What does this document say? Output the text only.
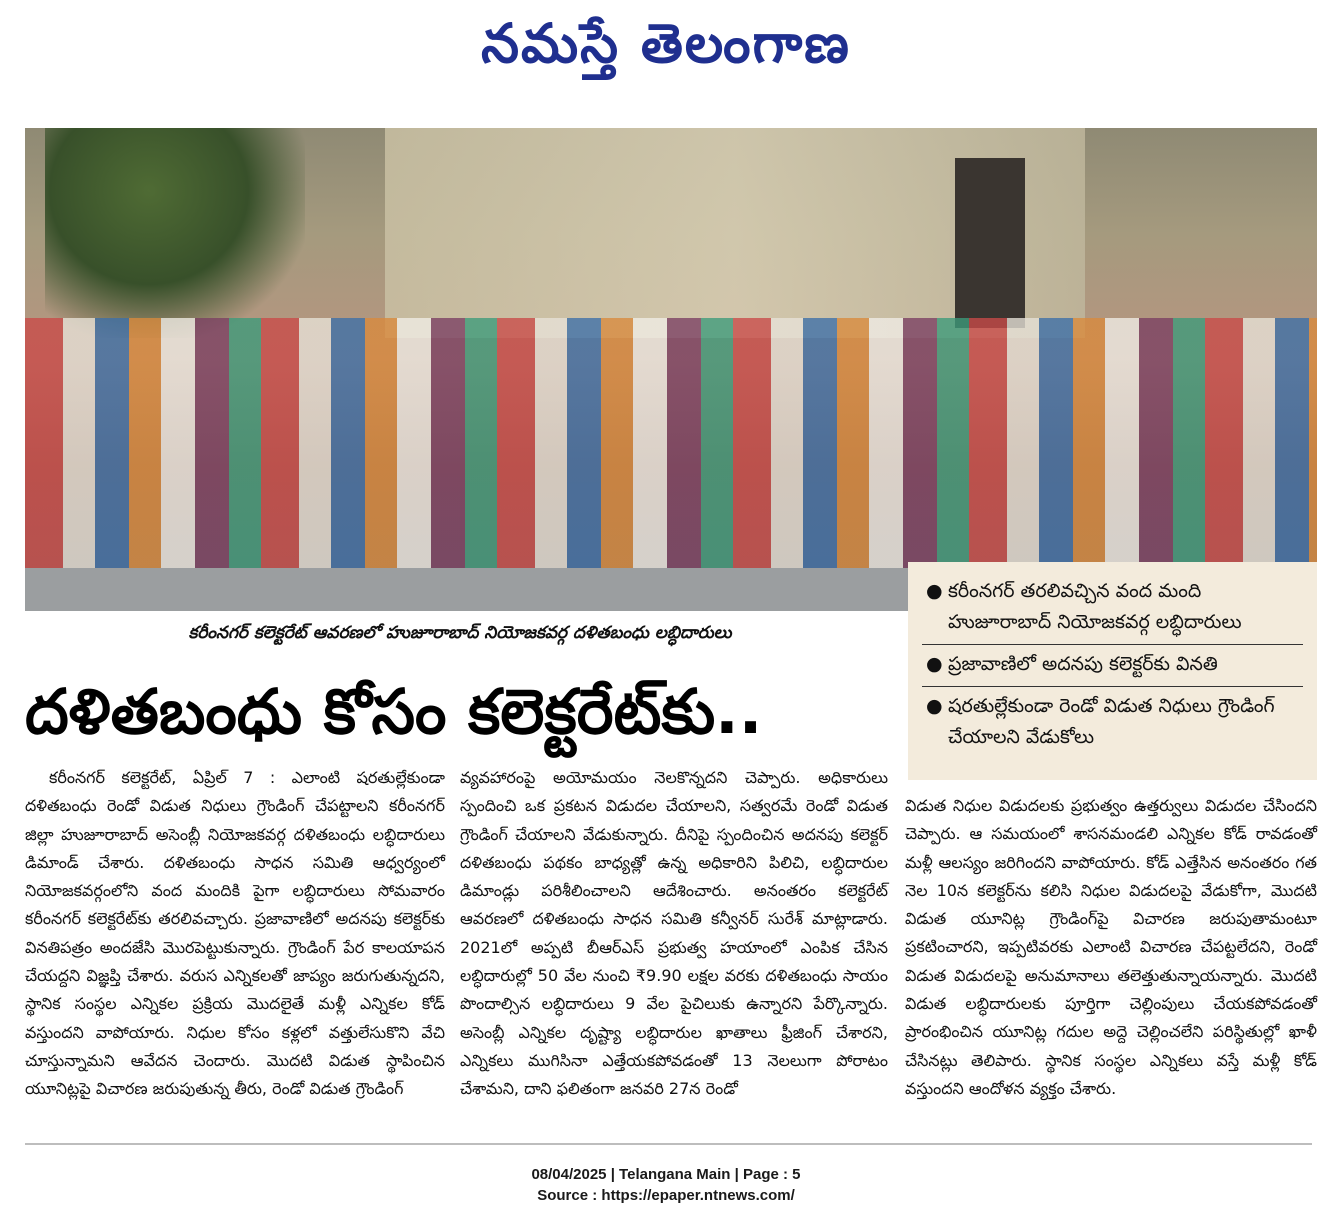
నమస్తే తెలంగాణ
● కరీంనగర్ తరలివచ్చిన వంద మంది హుజూరాబాద్ నియోజకవర్గ లబ్ధిదారులు
● ప్రజావాణిలో అదనపు కలెక్టర్‌కు వినతి
● షరతుల్లేకుండా రెండో విడుత నిధులు గ్రౌండింగ్ చేయాలని వేడుకోలు
కరీంనగర్ కలెక్టరేట్ ఆవరణలో హుజూరాబాద్ నియోజకవర్గ దళితబంధు లబ్ధిదారులు
దళితబంధు కోసం కలెక్టరేట్‌కు..

కరీంనగర్ కలెక్టరేట్, ఏప్రిల్ 7 : ఎలాంటి షరతుల్లేకుండా దళితబంధు రెండో విడుత నిధులు గ్రౌండింగ్ చేపట్టాలని కరీంనగర్ జిల్లా హుజూరాబాద్ అసెంబ్లీ నియోజకవర్గ దళితబంధు లబ్ధిదారులు డిమాండ్ చేశారు. దళితబంధు సాధన సమితి ఆధ్వర్యంలో నియోజకవర్గంలోని వంద మందికి పైగా లబ్ధిదారులు సోమవారం కరీంనగర్ కలెక్టరేట్‌కు తరలివచ్చారు. ప్రజావాణిలో అదనపు కలెక్టర్‌కు వినతిపత్రం అందజేసి మొరపెట్టుకున్నారు. గ్రౌండింగ్ పేర కాలయాపన చేయద్దని విజ్ఞప్తి చేశారు. వరుస ఎన్నికలతో జాప్యం జరుగుతున్నదని, స్థానిక సంస్థల ఎన్నికల ప్రక్రియ మొదలైతే మళ్లీ ఎన్నికల కోడ్ వస్తుందని వాపోయారు. నిధుల కోసం కళ్లలో వత్తులేసుకొని వేచి చూస్తున్నామని ఆవేదన చెందారు. మొదటి విడుత స్థాపించిన యూనిట్లపై విచారణ జరుపుతున్న తీరు, రెండో విడుత గ్రౌండింగ్

వ్యవహారంపై అయోమయం నెలకొన్నదని చెప్పారు. అధికారులు స్పందించి ఒక ప్రకటన విడుదల చేయాలని, సత్వరమే రెండో విడుత గ్రౌండింగ్ చేయాలని వేడుకున్నారు. దీనిపై స్పందించిన అదనపు కలెక్టర్ దళితబంధు పథకం బాధ్యత్లో ఉన్న అధికారిని పిలిచి, లబ్ధిదారుల డిమాండ్లు పరిశీలించాలని ఆదేశించారు. అనంతరం కలెక్టరేట్ ఆవరణలో దళితబంధు సాధన సమితి కన్వీనర్ సురేశ్ మాట్లాడారు. 2021లో అప్పటి బీఆర్‌ఎస్ ప్రభుత్వ హయాంలో ఎంపిక చేసిన లబ్ధిదారుల్లో 50 వేల నుంచి ₹9.90 లక్షల వరకు దళితబంధు సాయం పొందాల్సిన లబ్ధిదారులు 9 వేల పైచిలుకు ఉన్నారని పేర్కొన్నారు. అసెంబ్లీ ఎన్నికల దృష్ట్యా లబ్ధిదారుల ఖాతాలు ఫ్రీజింగ్ చేశారని, ఎన్నికలు ముగిసినా ఎత్తేయకపోవడంతో 13 నెలలుగా పోరాటం చేశామని, దాని ఫలితంగా జనవరి 27న రెండో

విడుత నిధుల విడుదలకు ప్రభుత్వం ఉత్తర్వులు విడుదల చేసిందని చెప్పారు. ఆ సమయంలో శాసనమండలి ఎన్నికల కోడ్ రావడంతో మళ్లీ ఆలస్యం జరిగిందని వాపోయారు. కోడ్ ఎత్తేసిన అనంతరం గత నెల 10న కలెక్టర్‌ను కలిసి నిధుల విడుదలపై వేడుకోగా, మొదటి విడుత యూనిట్ల గ్రౌండింగ్‌పై విచారణ జరుపుతామంటూ ప్రకటించారని, ఇప్పటివరకు ఎలాంటి విచారణ చేపట్టలేదని, రెండో విడుత విడుదలపై అనుమానాలు తలెత్తుతున్నాయన్నారు. మొదటి విడుత లబ్ధిదారులకు పూర్తిగా చెల్లింపులు చేయకపోవడంతో ప్రారంభించిన యూనిట్ల గదుల అద్దె చెల్లించలేని పరిస్థితుల్లో ఖాళీ చేసినట్లు తెలిపారు. స్థానిక సంస్థల ఎన్నికలు వస్తే మళ్లీ కోడ్ వస్తుందని ఆందోళన వ్యక్తం చేశారు.

08/04/2025 | Telangana Main | Page : 5
Source : https://epaper.ntnews.com/
